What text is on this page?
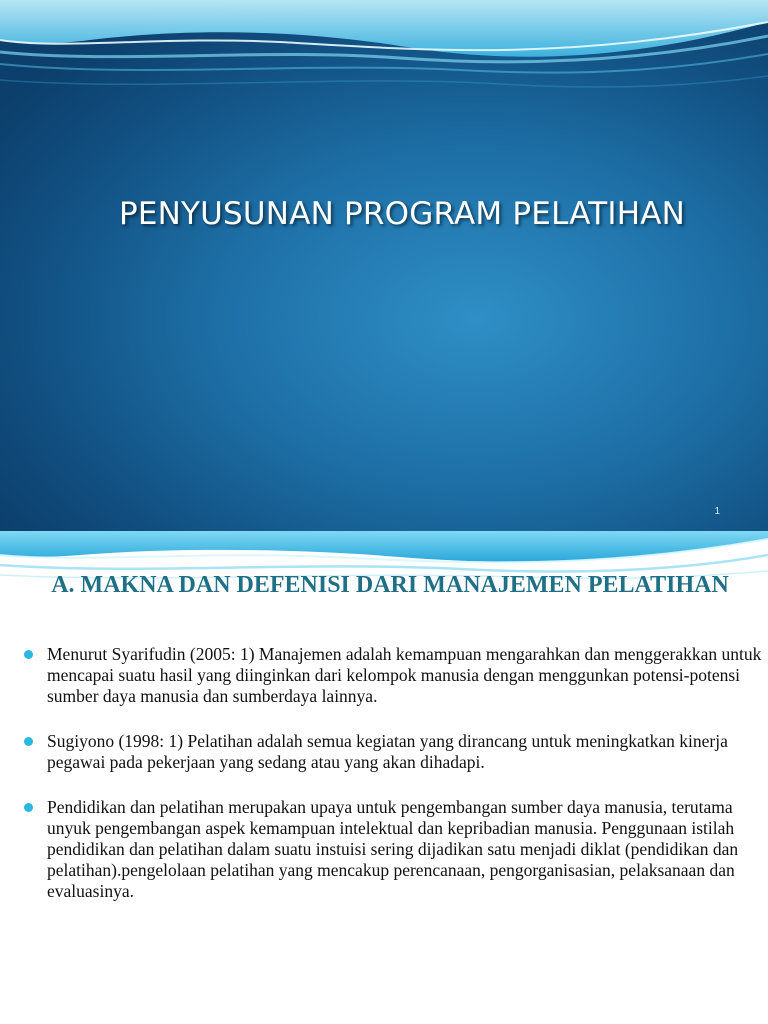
PENYUSUNAN PROGRAM PELATIHAN
1
A. MAKNA DAN DEFENISI DARI MANAJEMEN PELATIHAN
Menurut Syarifudin (2005: 1) Manajemen adalah kemampuan mengarahkan dan menggerakkan untuk mencapai suatu hasil yang diinginkan dari kelompok manusia dengan menggunkan potensi-potensi sumber daya manusia dan sumberdaya lainnya.
Sugiyono (1998: 1) Pelatihan adalah semua kegiatan yang dirancang untuk meningkatkan kinerja pegawai pada pekerjaan yang sedang atau yang akan dihadapi.
Pendidikan dan pelatihan merupakan upaya untuk pengembangan sumber daya manusia, terutama unyuk pengembangan aspek kemampuan intelektual dan kepribadian manusia. Penggunaan istilah pendidikan dan pelatihan dalam suatu instuisi sering dijadikan satu menjadi diklat (pendidikan dan pelatihan).pengelolaan pelatihan yang mencakup perencanaan, pengorganisasian, pelaksanaan dan evaluasinya.
